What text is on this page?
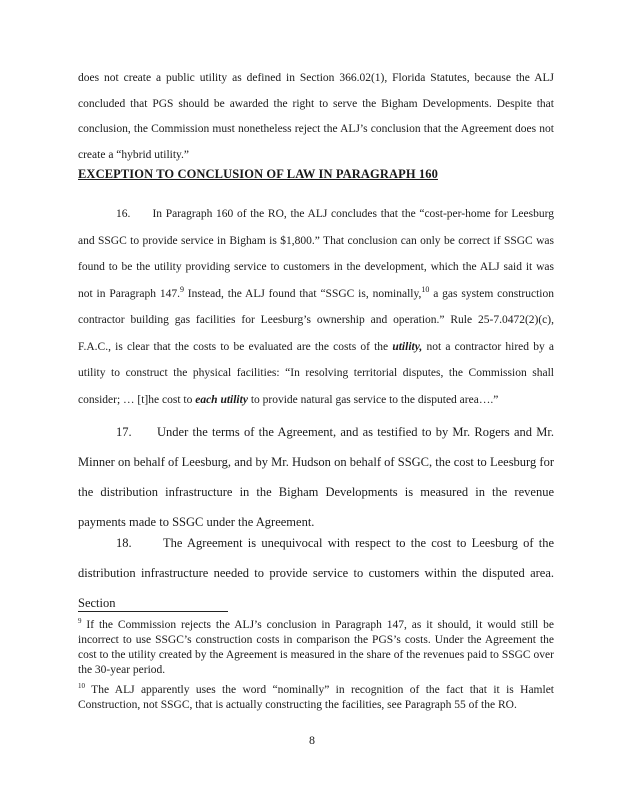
does not create a public utility as defined in Section 366.02(1), Florida Statutes, because the ALJ concluded that PGS should be awarded the right to serve the Bigham Developments. Despite that conclusion, the Commission must nonetheless reject the ALJ’s conclusion that the Agreement does not create a “hybrid utility.”

EXCEPTION TO CONCLUSION OF LAW IN PARAGRAPH 160

16. In Paragraph 160 of the RO, the ALJ concludes that the “cost-per-home for Leesburg and SSGC to provide service in Bigham is $1,800.” That conclusion can only be correct if SSGC was found to be the utility providing service to customers in the development, which the ALJ said it was not in Paragraph 147.$^9$ Instead, the ALJ found that “SSGC is, nominally,$^{10}$ a gas system construction contractor building gas facilities for Leesburg’s ownership and operation.” Rule 25-7.0472(2)(c), F.A.C., is clear that the costs to be evaluated are the costs of the utility, not a contractor hired by a utility to construct the physical facilities: “In resolving territorial disputes, the Commission shall consider; … [t]he cost to each utility to provide natural gas service to the disputed area….”

17. Under the terms of the Agreement, and as testified to by Mr. Rogers and Mr. Minner on behalf of Leesburg, and by Mr. Hudson on behalf of SSGC, the cost to Leesburg for the distribution infrastructure in the Bigham Developments is measured in the revenue payments made to SSGC under the Agreement.

18.	The Agreement is unequivocal with respect to the cost to Leesburg of the distribution infrastructure needed to provide service to customers within the disputed area. Section

$^9$ If the Commission rejects the ALJ’s conclusion in Paragraph 147, as it should, it would still be incorrect to use SSGC’s construction costs in comparison the PGS’s costs. Under the Agreement the cost to the utility created by the Agreement is measured in the share of the revenues paid to SSGC over the 30-year period.
$^{10}$ The ALJ apparently uses the word “nominally” in recognition of the fact that it is Hamlet Construction, not SSGC, that is actually constructing the facilities, see Paragraph 55 of the RO.
8
